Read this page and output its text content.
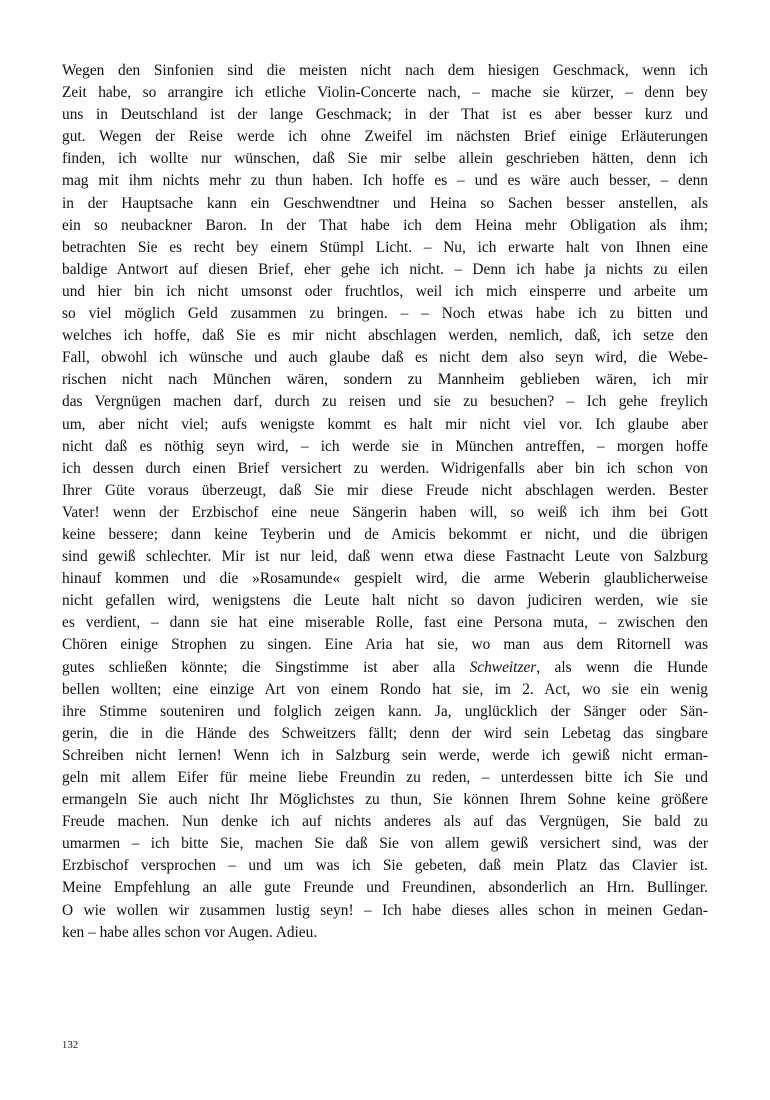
Wegen den Sinfonien sind die meisten nicht nach dem hiesigen Geschmack, wenn ich
Zeit habe, so arrangire ich etliche Violin-Concerte nach, – mache sie kürzer, – denn bey
uns in Deutschland ist der lange Geschmack; in der That ist es aber besser kurz und
gut. Wegen der Reise werde ich ohne Zweifel im nächsten Brief einige Erläuterungen
finden, ich wollte nur wünschen, daß Sie mir selbe allein geschrieben hätten, denn ich
mag mit ihm nichts mehr zu thun haben. Ich hoffe es – und es wäre auch besser, – denn
in der Hauptsache kann ein Geschwendtner und Heina so Sachen besser anstellen, als
ein so neubackner Baron. In der That habe ich dem Heina mehr Obligation als ihm;
betrachten Sie es recht bey einem Stümpl Licht. – Nu, ich erwarte halt von Ihnen eine
baldige Antwort auf diesen Brief, eher gehe ich nicht. – Denn ich habe ja nichts zu eilen
und hier bin ich nicht umsonst oder fruchtlos, weil ich mich einsperre und arbeite um
so viel möglich Geld zusammen zu bringen. – – Noch etwas habe ich zu bitten und
welches ich hoffe, daß Sie es mir nicht abschlagen werden, nemlich, daß, ich setze den
Fall, obwohl ich wünsche und auch glaube daß es nicht dem also seyn wird, die Webe-
rischen nicht nach München wären, sondern zu Mannheim geblieben wären, ich mir
das Vergnügen machen darf, durch zu reisen und sie zu besuchen? – Ich gehe freylich
um, aber nicht viel; aufs wenigste kommt es halt mir nicht viel vor. Ich glaube aber
nicht daß es nöthig seyn wird, – ich werde sie in München antreffen, – morgen hoffe
ich dessen durch einen Brief versichert zu werden. Widrigenfalls aber bin ich schon von
Ihrer Güte voraus überzeugt, daß Sie mir diese Freude nicht abschlagen werden. Bester
Vater! wenn der Erzbischof eine neue Sängerin haben will, so weiß ich ihm bei Gott
keine bessere; dann keine Teyberin und de Amicis bekommt er nicht, und die übrigen
sind gewiß schlechter. Mir ist nur leid, daß wenn etwa diese Fastnacht Leute von Salzburg
hinauf kommen und die »Rosamunde« gespielt wird, die arme Weberin glaublicherweise
nicht gefallen wird, wenigstens die Leute halt nicht so davon judiciren werden, wie sie
es verdient, – dann sie hat eine miserable Rolle, fast eine Persona muta, – zwischen den
Chören einige Strophen zu singen. Eine Aria hat sie, wo man aus dem Ritornell was
gutes schließen könnte; die Singstimme ist aber alla Schweitzer, als wenn die Hunde
bellen wollten; eine einzige Art von einem Rondo hat sie, im 2. Act, wo sie ein wenig
ihre Stimme souteniren und folglich zeigen kann. Ja, unglücklich der Sänger oder Sän-
gerin, die in die Hände des Schweitzers fällt; denn der wird sein Lebetag das singbare
Schreiben nicht lernen! Wenn ich in Salzburg sein werde, werde ich gewiß nicht erman-
geln mit allem Eifer für meine liebe Freundin zu reden, – unterdessen bitte ich Sie und
ermangeln Sie auch nicht Ihr Möglichstes zu thun, Sie können Ihrem Sohne keine größere
Freude machen. Nun denke ich auf nichts anderes als auf das Vergnügen, Sie bald zu
umarmen – ich bitte Sie, machen Sie daß Sie von allem gewiß versichert sind, was der
Erzbischof versprochen – und um was ich Sie gebeten, daß mein Platz das Clavier ist.
Meine Empfehlung an alle gute Freunde und Freundinen, absonderlich an Hrn. Bullinger.
O wie wollen wir zusammen lustig seyn! – Ich habe dieses alles schon in meinen Gedan-
ken – habe alles schon vor Augen. Adieu.
132
